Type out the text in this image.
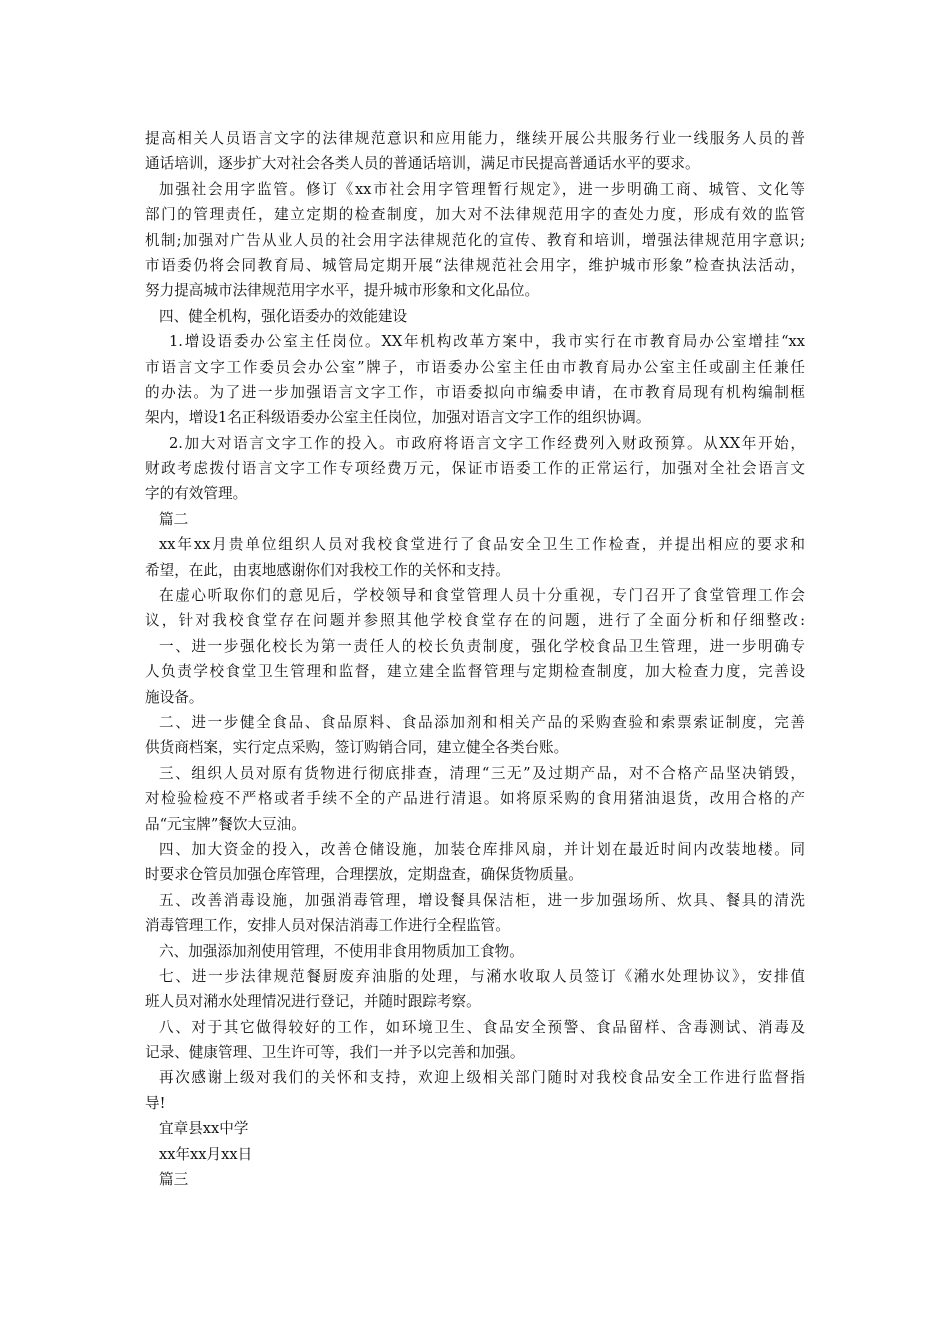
提高相关人员语言文字的法律规范意识和应用能力，继续开展公共服务行业一线服务人员的普
通话培训，逐步扩大对社会各类人员的普通话培训，满足市民提高普通话水平的要求。
加强社会用字监管。修订《xx市社会用字管理暂行规定》，进一步明确工商、城管、文化等
部门的管理责任，建立定期的检查制度，加大对不法律规范用字的查处力度，形成有效的监管
机制;加强对广告从业人员的社会用字法律规范化的宣传、教育和培训，增强法律规范用字意识;
市语委仍将会同教育局、城管局定期开展“法律规范社会用字，维护城市形象”检查执法活动，
努力提高城市法律规范用字水平，提升城市形象和文化品位。
四、健全机构，强化语委办的效能建设
1.增设语委办公室主任岗位。XX年机构改革方案中，我市实行在市教育局办公室增挂“xx
市语言文字工作委员会办公室”牌子，市语委办公室主任由市教育局办公室主任或副主任兼任
的办法。为了进一步加强语言文字工作，市语委拟向市编委申请，在市教育局现有机构编制框
架内，增设1名正科级语委办公室主任岗位，加强对语言文字工作的组织协调。
2.加大对语言文字工作的投入。市政府将语言文字工作经费列入财政预算。从XX年开始，
财政考虑拨付语言文字工作专项经费万元，保证市语委工作的正常运行，加强对全社会语言文
字的有效管理。
篇二
xx年xx月贵单位组织人员对我校食堂进行了食品安全卫生工作检查，并提出相应的要求和
希望，在此，由衷地感谢你们对我校工作的关怀和支持。
在虚心听取你们的意见后，学校领导和食堂管理人员十分重视，专门召开了食堂管理工作会
议，针对我校食堂存在问题并参照其他学校食堂存在的问题，进行了全面分析和仔细整改:
一、进一步强化校长为第一责任人的校长负责制度，强化学校食品卫生管理，进一步明确专
人负责学校食堂卫生管理和监督，建立建全监督管理与定期检查制度，加大检查力度，完善设
施设备。
二、进一步健全食品、食品原料、食品添加剂和相关产品的采购查验和索票索证制度，完善
供货商档案，实行定点采购，签订购销合同，建立健全各类台账。
三、组织人员对原有货物进行彻底排查，清理“三无”及过期产品，对不合格产品坚决销毁，
对检验检疫不严格或者手续不全的产品进行清退。如将原采购的食用猪油退货，改用合格的产
品“元宝牌”餐饮大豆油。
四、加大资金的投入，改善仓储设施，加装仓库排风扇，并计划在最近时间内改装地楼。同
时要求仓管员加强仓库管理，合理摆放，定期盘查，确保货物质量。
五、改善消毒设施，加强消毒管理，增设餐具保洁柜，进一步加强场所、炊具、餐具的清洗
消毒管理工作，安排人员对保洁消毒工作进行全程监管。
六、加强添加剂使用管理，不使用非食用物质加工食物。
七、进一步法律规范餐厨废弃油脂的处理，与潲水收取人员签订《潲水处理协议》，安排值
班人员对潲水处理情况进行登记，并随时跟踪考察。
八、对于其它做得较好的工作，如环境卫生、食品安全预警、食品留样、含毒测试、消毒及
记录、健康管理、卫生许可等，我们一并予以完善和加强。
再次感谢上级对我们的关怀和支持，欢迎上级相关部门随时对我校食品安全工作进行监督指
导!
宜章县xx中学
xx年xx月xx日
篇三
